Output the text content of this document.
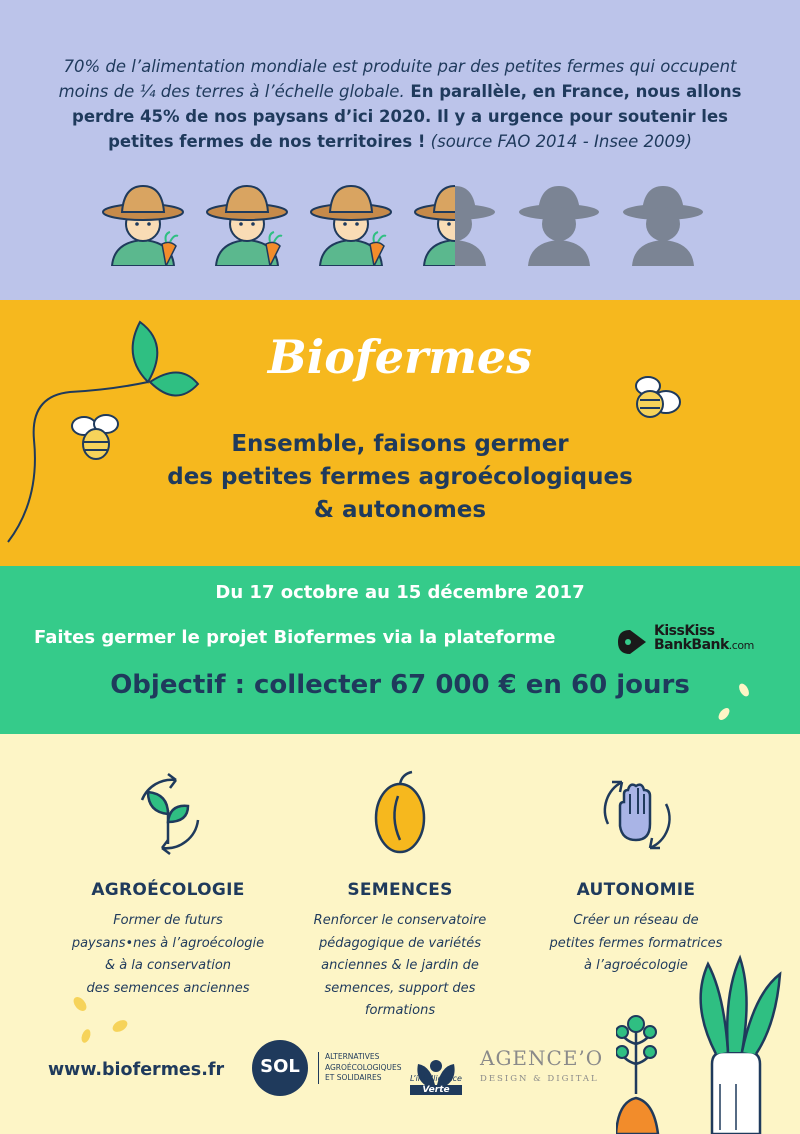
70% de l’alimentation mondiale est produite par des petites fermes qui occupent moins de ¼ des terres à l’échelle globale. En parallèle, en France, nous allons perdre 45% de nos paysans d’ici 2020. Il y a urgence pour soutenir les petites fermes de nos territoires ! (source FAO 2014 - Insee 2009)

Biofermes
Ensemble, faisons germer
des petites fermes agroécologiques
& autonomes
Du 17 octobre au 15 décembre 2017
Faites germer le projet Biofermes via la plateforme	KissKiss
BankBank.com
Objectif : collecter 67 000 € en 60 jours
AGROÉCOLOGIE

Former de futurs
paysans•nes à l’agroécologie
& à la conservation
des semences anciennes

SEMENCES

Renforcer le conservatoire
pédagogique de variétés
anciennes & le jardin de
semences, support des
formations

AUTONOMIE

Créer un réseau de
petites fermes formatrices
à l’agroécologie

www.biofermes.fr	SOL	ALTERNATIVES
AGROÉCOLOGIQUES
ET SOLIDAIRES	L’intelligence
Verte
AGENCE’O
DESIGN & DIGITAL
